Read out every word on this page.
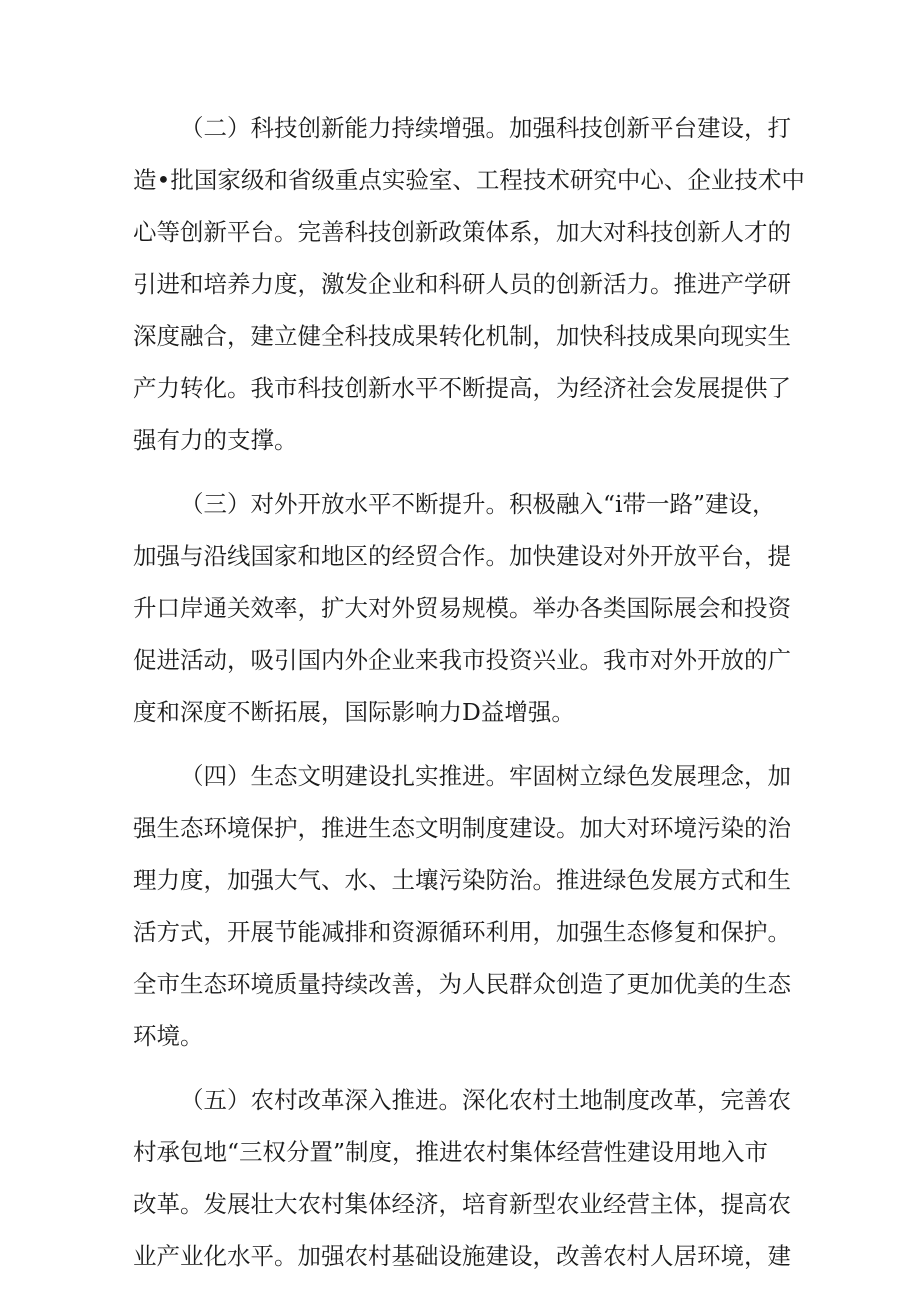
（二）科技创新能力持续增强。加强科技创新平台建设，打
造•批国家级和省级重点实验室、工程技术研究中心、企业技术中
心等创新平台。完善科技创新政策体系，加大对科技创新人才的
引进和培养力度，激发企业和科研人员的创新活力。推进产学研
深度融合，建立健全科技成果转化机制，加快科技成果向现实生
产力转化。我市科技创新水平不断提高，为经济社会发展提供了
强有力的支撑。
（三）对外开放水平不断提升。积极融入“i带一路”建设，
加强与沿线国家和地区的经贸合作。加快建设对外开放平台，提
升口岸通关效率，扩大对外贸易规模。举办各类国际展会和投资
促进活动，吸引国内外企业来我市投资兴业。我市对外开放的广
度和深度不断拓展，国际影响力D益增强。
（四）生态文明建设扎实推进。牢固树立绿色发展理念，加
强生态环境保护，推进生态文明制度建设。加大对环境污染的治
理力度，加强大气、水、土壤污染防治。推进绿色发展方式和生
活方式，开展节能减排和资源循环利用，加强生态修复和保护。
全市生态环境质量持续改善，为人民群众创造了更加优美的生态
环境。
（五）农村改革深入推进。深化农村土地制度改革，完善农
村承包地“三权分置”制度，推进农村集体经营性建设用地入市
改革。发展壮大农村集体经济，培育新型农业经营主体，提高农
业产业化水平。加强农村基础设施建设，改善农村人居环境，建
